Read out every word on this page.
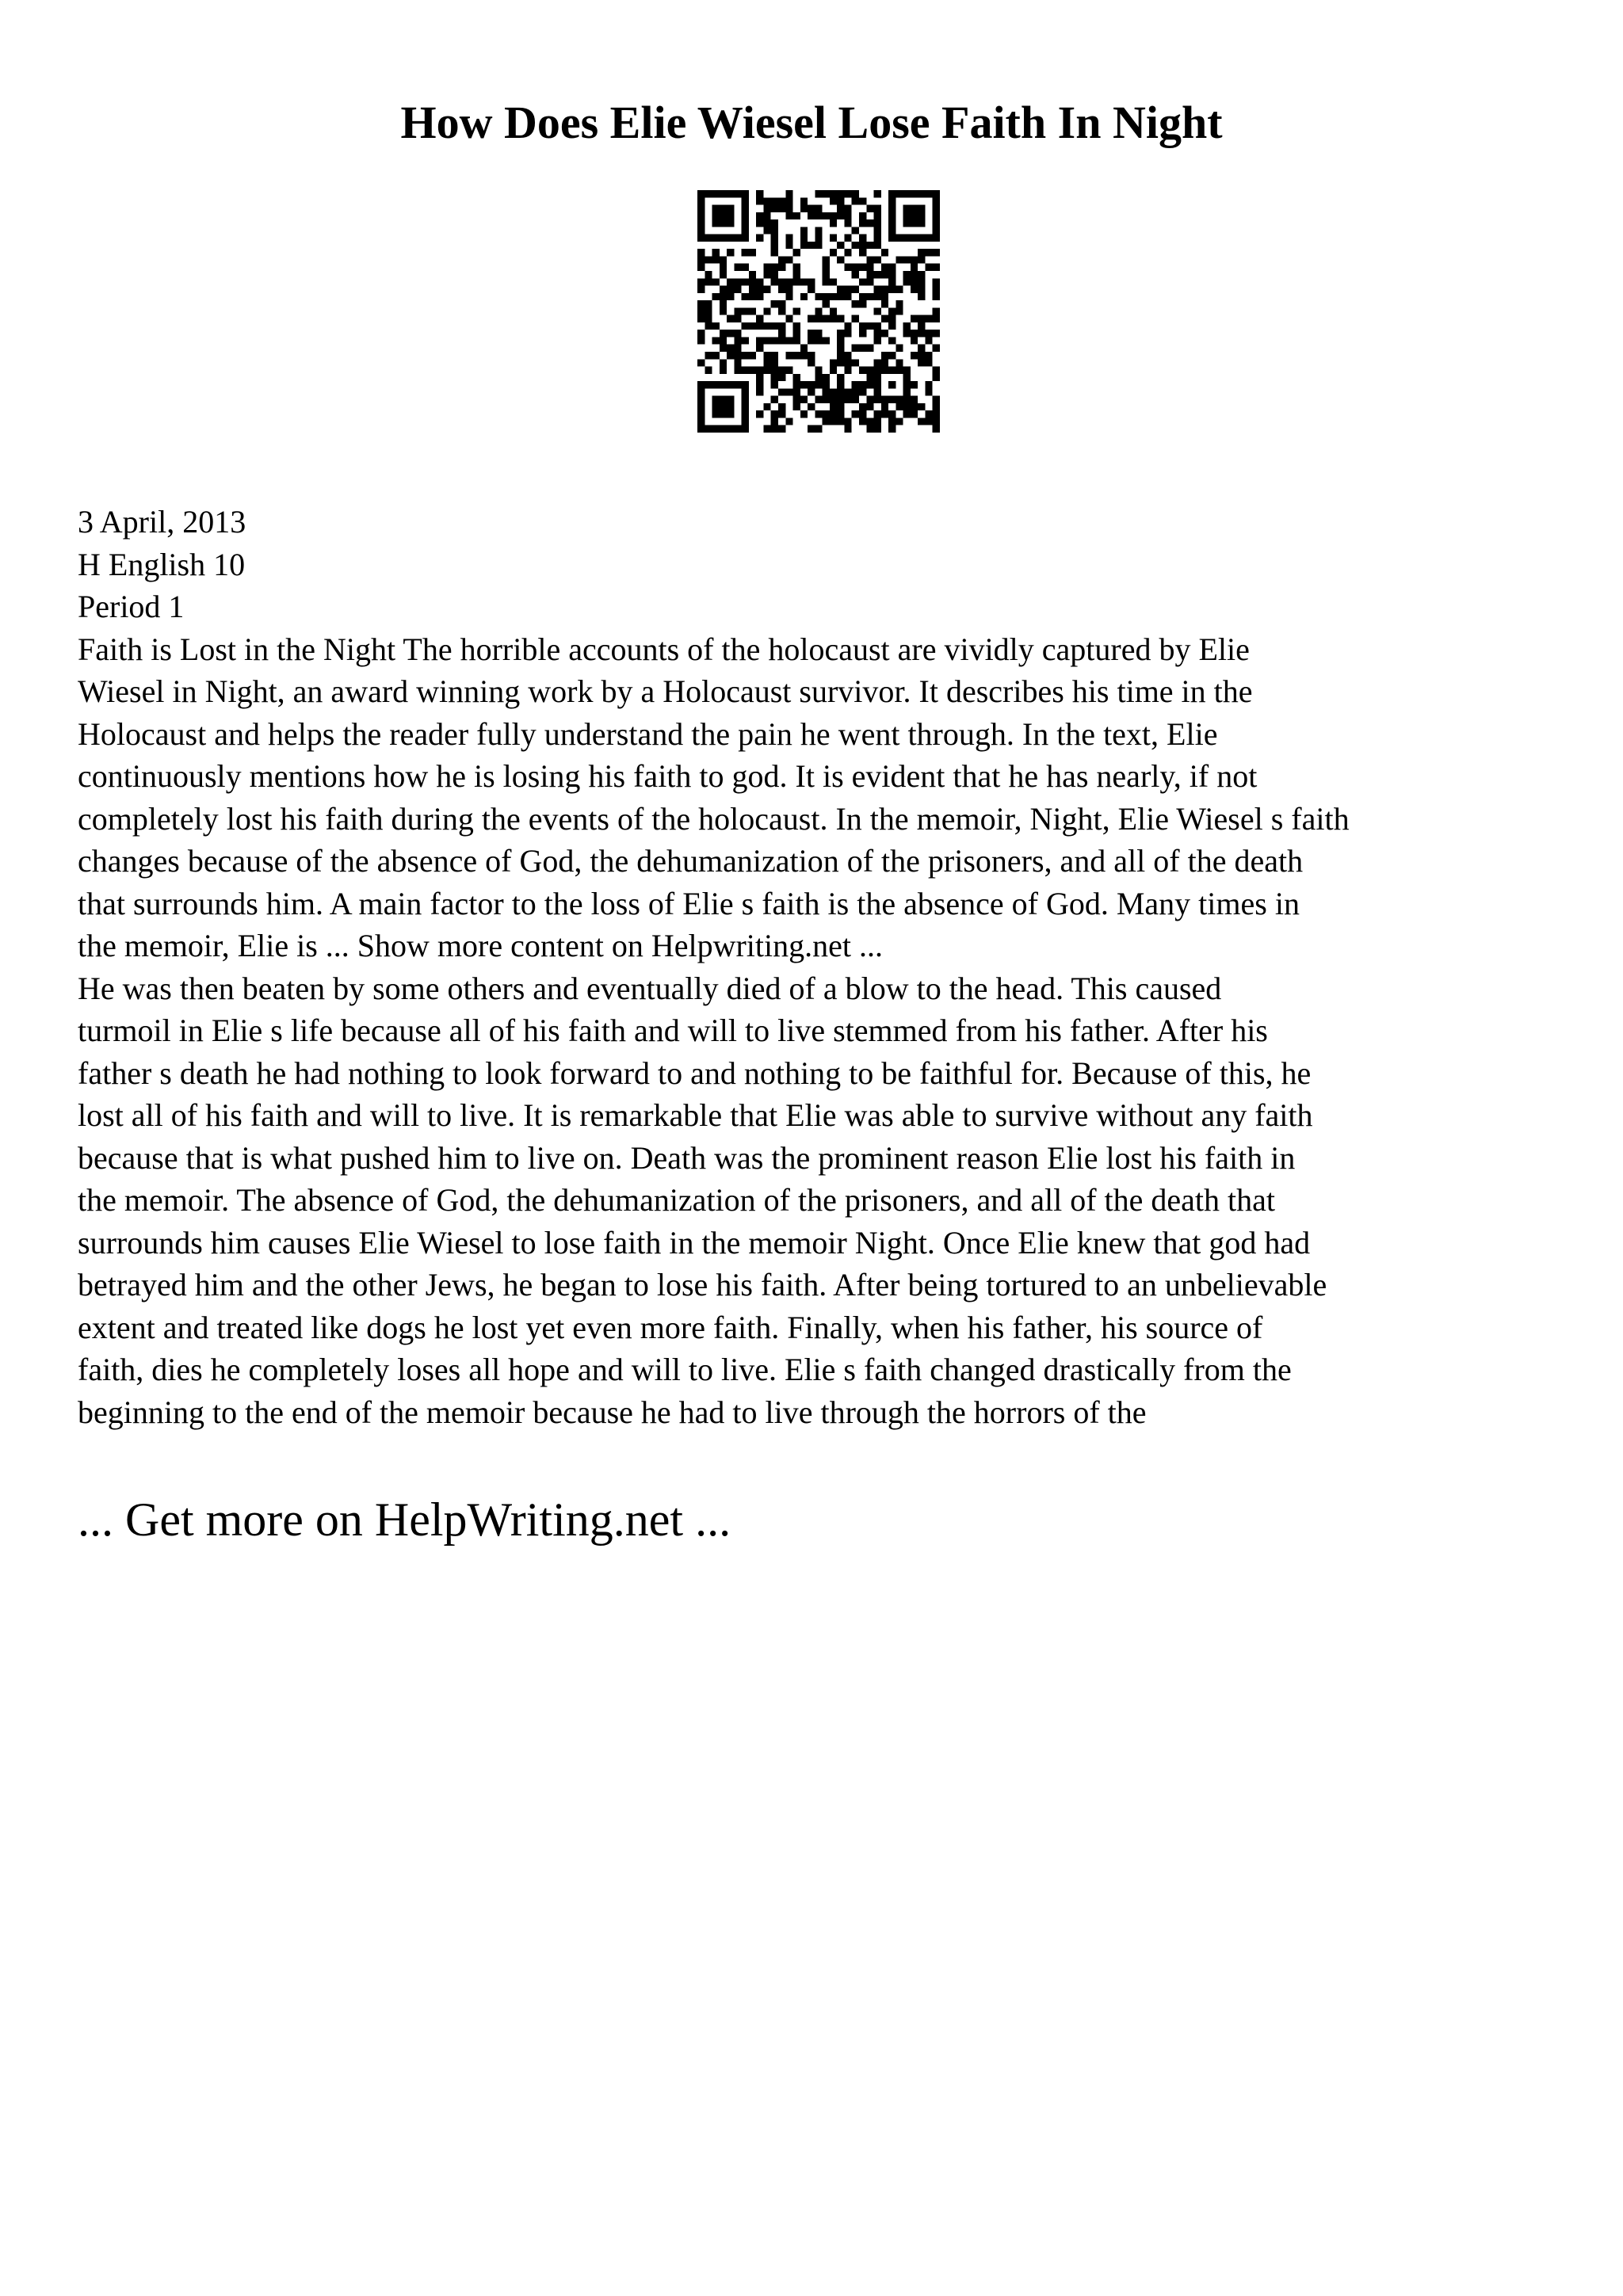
How Does Elie Wiesel Lose Faith In Night
3 April, 2013
H English 10
Period 1
Faith is Lost in the Night The horrible accounts of the holocaust are vividly captured by Elie
Wiesel in Night, an award winning work by a Holocaust survivor. It describes his time in the
Holocaust and helps the reader fully understand the pain he went through. In the text, Elie
continuously mentions how he is losing his faith to god. It is evident that he has nearly, if not
completely lost his faith during the events of the holocaust. In the memoir, Night, Elie Wiesel s faith
changes because of the absence of God, the dehumanization of the prisoners, and all of the death
that surrounds him. A main factor to the loss of Elie s faith is the absence of God. Many times in
the memoir, Elie is ... Show more content on Helpwriting.net ...
He was then beaten by some others and eventually died of a blow to the head. This caused
turmoil in Elie s life because all of his faith and will to live stemmed from his father. After his
father s death he had nothing to look forward to and nothing to be faithful for. Because of this, he
lost all of his faith and will to live. It is remarkable that Elie was able to survive without any faith
because that is what pushed him to live on. Death was the prominent reason Elie lost his faith in
the memoir. The absence of God, the dehumanization of the prisoners, and all of the death that
surrounds him causes Elie Wiesel to lose faith in the memoir Night. Once Elie knew that god had
betrayed him and the other Jews, he began to lose his faith. After being tortured to an unbelievable
extent and treated like dogs he lost yet even more faith. Finally, when his father, his source of
faith, dies he completely loses all hope and will to live. Elie s faith changed drastically from the
beginning to the end of the memoir because he had to live through the horrors of the

... Get more on HelpWriting.net ...
